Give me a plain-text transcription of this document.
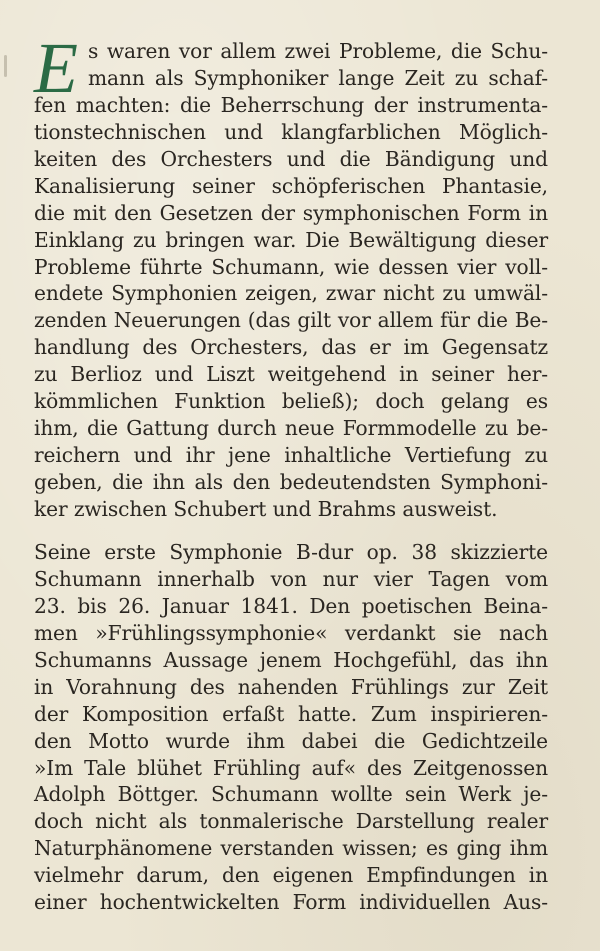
E s waren vor allem zwei Probleme, die Schu-
mann als Symphoniker lange Zeit zu schaf-
fen machten: die Beherrschung der instrumenta-
tionstechnischen und klangfarblichen Möglich-
keiten des Orchesters und die Bändigung und
Kanalisierung seiner schöpferischen Phantasie,
die mit den Gesetzen der symphonischen Form in
Einklang zu bringen war. Die Bewältigung dieser
Probleme führte Schumann, wie dessen vier voll-
endete Symphonien zeigen, zwar nicht zu umwäl-
zenden Neuerungen (das gilt vor allem für die Be-
handlung des Orchesters, das er im Gegensatz
zu Berlioz und Liszt weitgehend in seiner her-
kömmlichen Funktion beließ); doch gelang es
ihm, die Gattung durch neue Formmodelle zu be-
reichern und ihr jene inhaltliche Vertiefung zu
geben, die ihn als den bedeutendsten Symphoni-
ker zwischen Schubert und Brahms ausweist.
Seine erste Symphonie B-dur op. 38 skizzierte
Schumann innerhalb von nur vier Tagen vom
23. bis 26. Januar 1841. Den poetischen Beina-
men »Frühlingssymphonie« verdankt sie nach
Schumanns Aussage jenem Hochgefühl, das ihn
in Vorahnung des nahenden Frühlings zur Zeit
der Komposition erfaßt hatte. Zum inspirieren-
den Motto wurde ihm dabei die Gedichtzeile
»Im Tale blühet Frühling auf« des Zeitgenossen
Adolph Böttger. Schumann wollte sein Werk je-
doch nicht als tonmalerische Darstellung realer
Naturphänomene verstanden wissen; es ging ihm
vielmehr darum, den eigenen Empfindungen in
einer hochentwickelten Form individuellen Aus-
